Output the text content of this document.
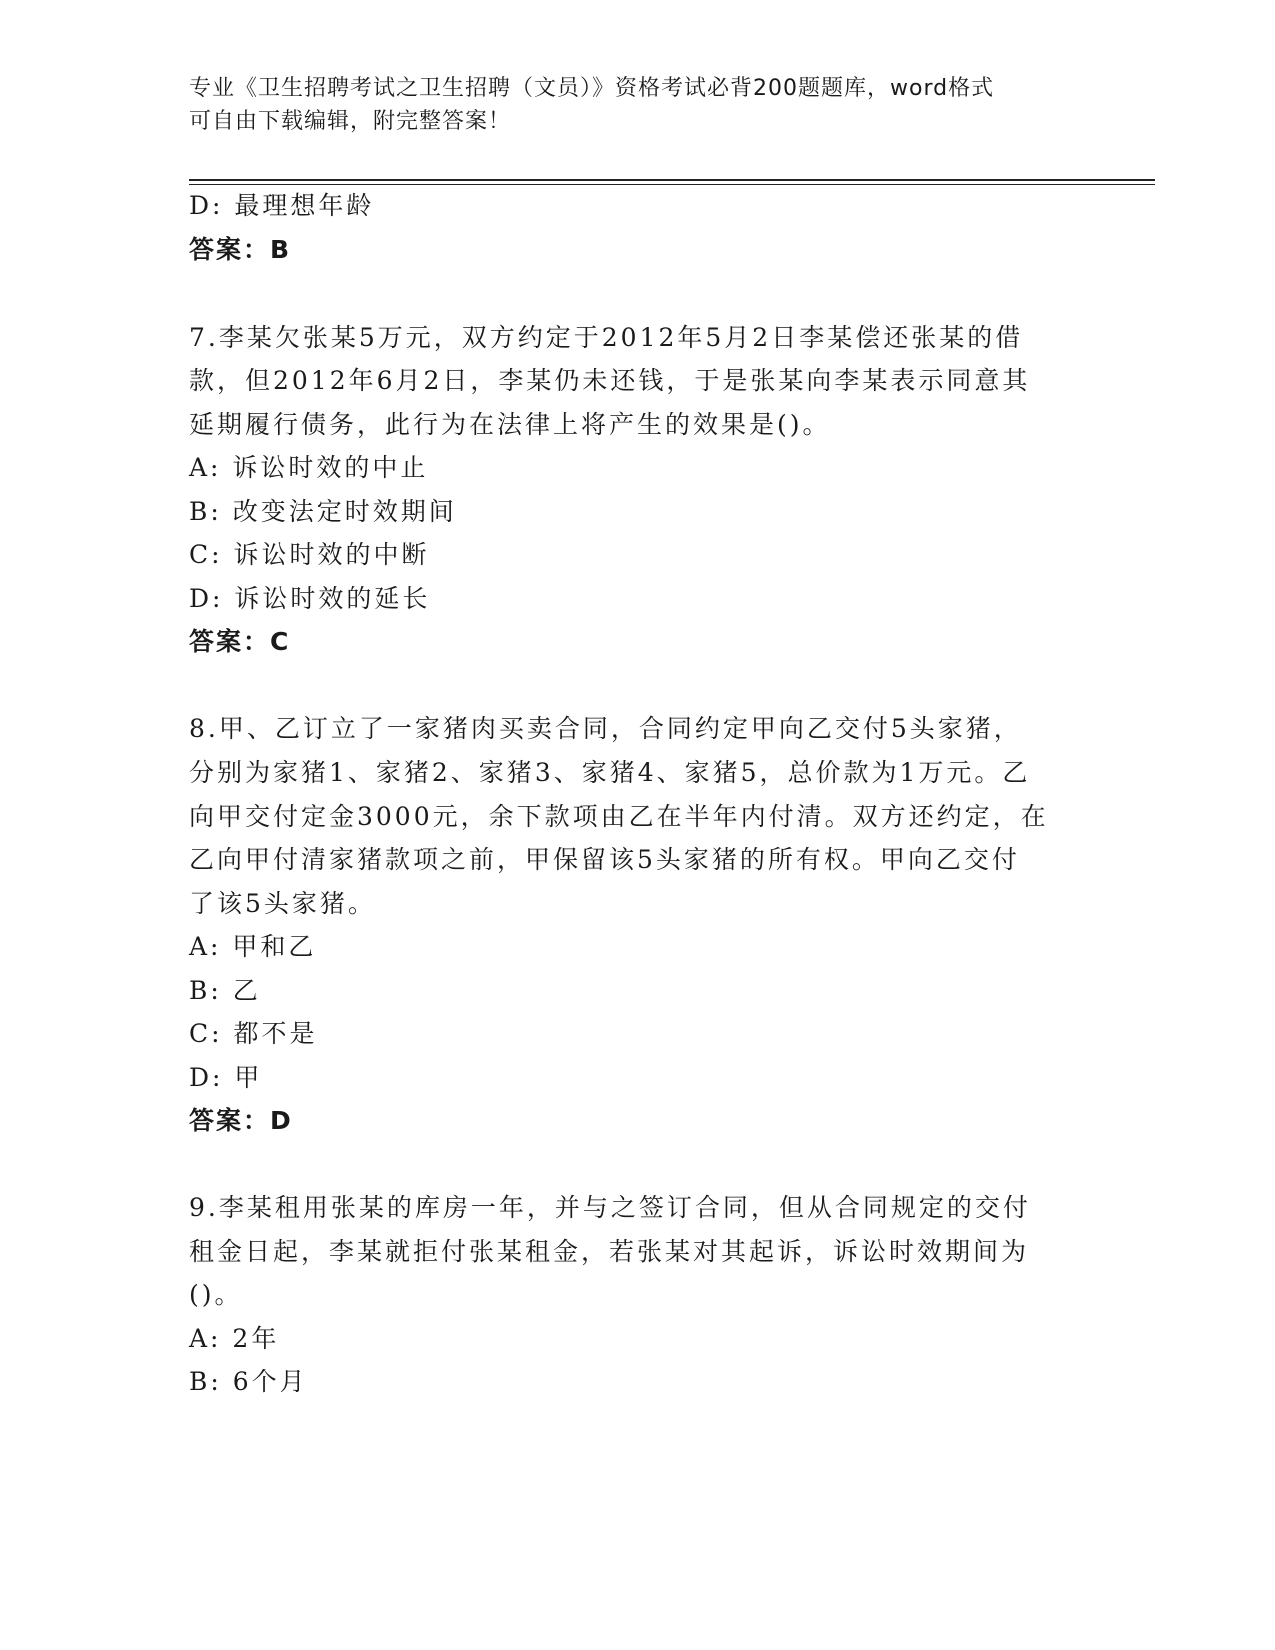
专业《卫生招聘考试之卫生招聘（文员）》资格考试必背200题题库，word格式
可自由下载编辑，附完整答案！
D: 最理想年龄
答案：B
7.李某欠张某5万元，双方约定于2012年5月2日李某偿还张某的借
款，但2012年6月2日，李某仍未还钱，于是张某向李某表示同意其
延期履行债务，此行为在法律上将产生的效果是()。
A: 诉讼时效的中止
B: 改变法定时效期间
C: 诉讼时效的中断
D: 诉讼时效的延长
答案：C
8.甲、乙订立了一家猪肉买卖合同，合同约定甲向乙交付5头家猪，
分别为家猪1、家猪2、家猪3、家猪4、家猪5，总价款为1万元。乙
向甲交付定金3000元，余下款项由乙在半年内付清。双方还约定，在
乙向甲付清家猪款项之前，甲保留该5头家猪的所有权。甲向乙交付
了该5头家猪。
A: 甲和乙
B: 乙
C: 都不是
D: 甲
答案：D
9.李某租用张某的库房一年，并与之签订合同，但从合同规定的交付
租金日起，李某就拒付张某租金，若张某对其起诉，诉讼时效期间为
()。
A: 2年
B: 6个月
